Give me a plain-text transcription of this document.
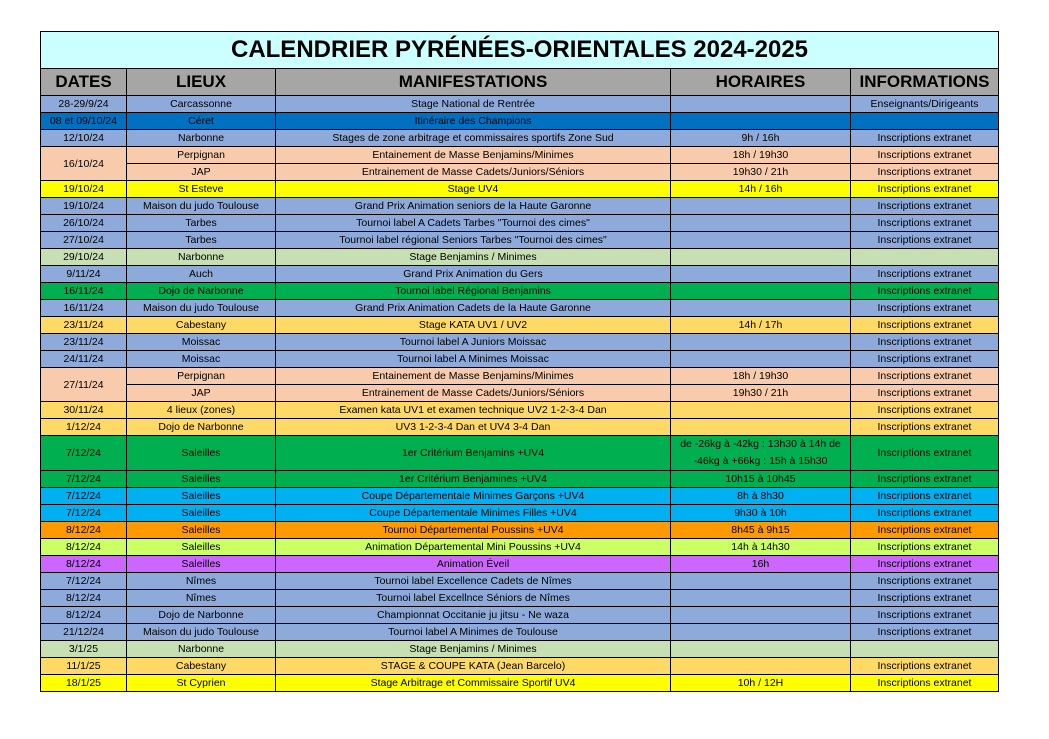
CALENDRIER PYRÉNÉES-ORIENTALES 2024-2025				
DATES	LIEUX	MANIFESTATIONS	HORAIRES	INFORMATIONS
28-29/9/24	Carcassonne	Stage National de Rentrée		Enseignants/Dirigeants
08 et 09/10/24	Céret	Itinéraire des Champions		
12/10/24	Narbonne	Stages de zone arbitrage et commissaires sportifs Zone Sud	9h / 16h	Inscriptions extranet
16/10/24	Perpignan	Entainement de Masse Benjamins/Minimes	18h / 19h30	Inscriptions extranet
	JAP	Entrainement de Masse Cadets/Juniors/Séniors	19h30 / 21h	Inscriptions extranet
19/10/24	St Esteve	Stage UV4	14h / 16h	Inscriptions extranet
19/10/24	Maison du judo Toulouse	Grand Prix Animation seniors de la Haute Garonne		Inscriptions extranet
26/10/24	Tarbes	Tournoi label A Cadets Tarbes "Tournoi des cimes"		Inscriptions extranet
27/10/24	Tarbes	Tournoi label régional Seniors Tarbes "Tournoi des cimes"		Inscriptions extranet
29/10/24	Narbonne	Stage Benjamins / Minimes		
9/11/24	Auch	Grand Prix Animation du Gers		Inscriptions extranet
16/11/24	Dojo de Narbonne	Tournoi label Régional Benjamins		Inscriptions extranet
16/11/24	Maison du judo Toulouse	Grand Prix Animation Cadets de la Haute Garonne		Inscriptions extranet
23/11/24	Cabestany	Stage KATA UV1 / UV2	14h / 17h	Inscriptions extranet
23/11/24	Moissac	Tournoi label A Juniors Moissac		Inscriptions extranet
24/11/24	Moissac	Tournoi label A Minimes Moissac		Inscriptions extranet
27/11/24	Perpignan	Entainement de Masse Benjamins/Minimes	18h / 19h30	Inscriptions extranet
	JAP	Entrainement de Masse Cadets/Juniors/Séniors	19h30 / 21h	Inscriptions extranet
30/11/24	4 lieux (zones)	Examen kata UV1 et examen technique UV2 1-2-3-4 Dan		Inscriptions extranet
1/12/24	Dojo de Narbonne	UV3 1-2-3-4 Dan et UV4 3-4 Dan		Inscriptions extranet
7/12/24	Saleilles	1er Critérium Benjamins +UV4	de -26kg à -42kg : 13h30 à 14h de -46kg à +66kg : 15h à 15h30	Inscriptions extranet
7/12/24	Saleilles	1er Critérium Benjamines +UV4	10h15 à 10h45	Inscriptions extranet
7/12/24	Saleilles	Coupe Départementale Minimes Garçons +UV4	8h à 8h30	Inscriptions extranet
7/12/24	Saleilles	Coupe Départementale Minimes Filles +UV4	9h30 à 10h	Inscriptions extranet
8/12/24	Saleilles	Tournoi Départemental Poussins +UV4	8h45 à 9h15	Inscriptions extranet
8/12/24	Saleilles	Animation Départemental Mini Poussins +UV4	14h à 14h30	Inscriptions extranet
8/12/24	Saleilles	Animation Éveil	16h	Inscriptions extranet
7/12/24	Nîmes	Tournoi label Excellence Cadets de Nîmes		Inscriptions extranet
8/12/24	Nîmes	Tournoi label Excellnce Séniors de Nîmes		Inscriptions extranet
8/12/24	Dojo de Narbonne	Championnat Occitanie ju jitsu - Ne waza		Inscriptions extranet
21/12/24	Maison du judo Toulouse	Tournoi label A Minimes de Toulouse		Inscriptions extranet
3/1/25	Narbonne	Stage Benjamins / Minimes		
11/1/25	Cabestany	STAGE & COUPE KATA (Jean Barcelo)		Inscriptions extranet
18/1/25	St Cyprien	Stage Arbitrage et Commissaire Sportif UV4	10h / 12H	Inscriptions extranet
